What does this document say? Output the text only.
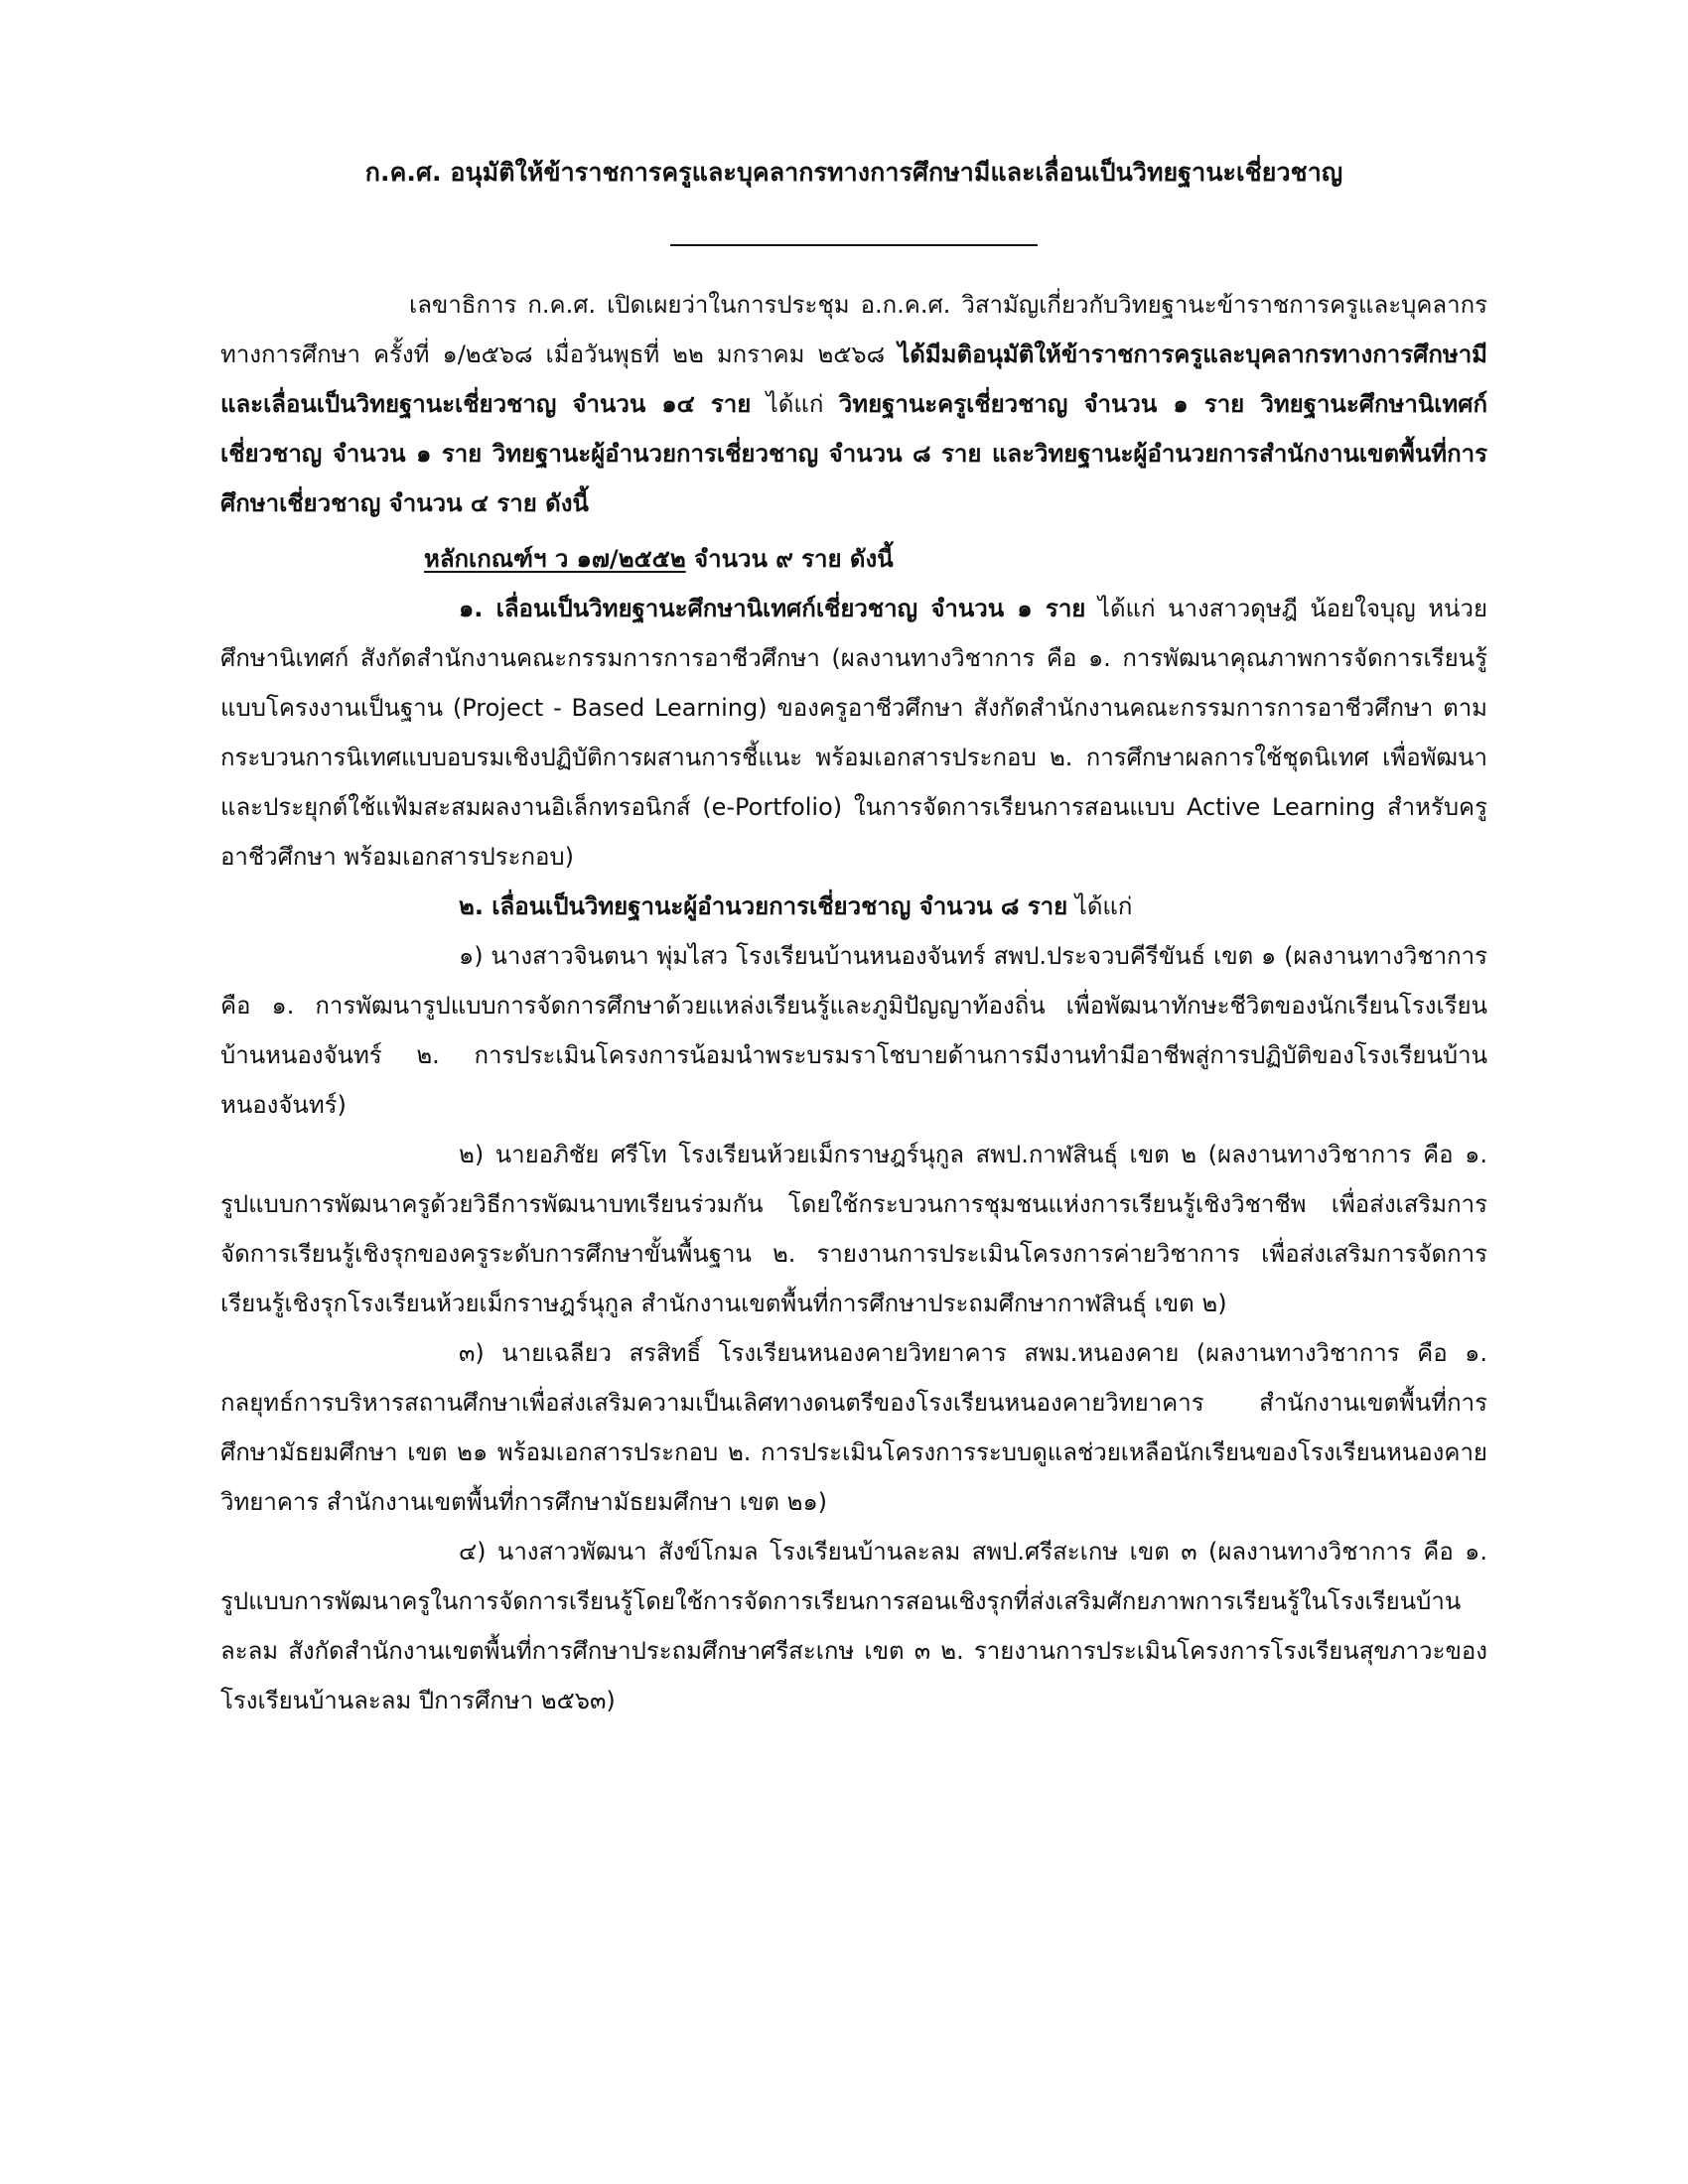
ก.ค.ศ. อนุมัติให้ข้าราชการครูและบุคลากรทางการศึกษามีและเลื่อนเป็นวิทยฐานะเชี่ยวชาญ

เลขาธิการ ก.ค.ศ. เปิดเผยว่าในการประชุม อ.ก.ค.ศ. วิสามัญเกี่ยวกับวิทยฐานะข้าราชการครูและบุคลากรทางการศึกษา ครั้งที่ ๑/๒๕๖๘ เมื่อวันพุธที่ ๒๒ มกราคม ๒๕๖๘ ได้มีมติอนุมัติให้ข้าราชการครูและบุคลากรทางการศึกษามีและเลื่อนเป็นวิทยฐานะเชี่ยวชาญ จำนวน ๑๔ ราย ได้แก่ วิทยฐานะครูเชี่ยวชาญ จำนวน ๑ ราย วิทยฐานะศึกษานิเทศก์เชี่ยวชาญ จำนวน ๑ ราย วิทยฐานะผู้อำนวยการเชี่ยวชาญ จำนวน ๘ ราย และวิทยฐานะผู้อำนวยการสำนักงานเขตพื้นที่การศึกษาเชี่ยวชาญ จำนวน ๔ ราย ดังนี้

หลักเกณฑ์ฯ ว ๑๗/๒๕๕๒ จำนวน ๙ ราย ดังนี้

๑. เลื่อนเป็นวิทยฐานะศึกษานิเทศก์เชี่ยวชาญ จำนวน ๑ ราย ได้แก่ นางสาวดุษฎี น้อยใจบุญ หน่วยศึกษานิเทศก์ สังกัดสำนักงานคณะกรรมการการอาชีวศึกษา (ผลงานทางวิชาการ คือ ๑. การพัฒนาคุณภาพการจัดการเรียนรู้แบบโครงงานเป็นฐาน (Project - Based Learning) ของครูอาชีวศึกษา สังกัดสำนักงานคณะกรรมการการอาชีวศึกษา ตามกระบวนการนิเทศแบบอบรมเชิงปฏิบัติการผสานการชี้แนะ พร้อมเอกสารประกอบ ๒. การศึกษาผลการใช้ชุดนิเทศ เพื่อพัฒนาและประยุกต์ใช้แฟ้มสะสมผลงานอิเล็กทรอนิกส์ (e-Portfolio) ในการจัดการเรียนการสอนแบบ Active Learning สำหรับครูอาชีวศึกษา พร้อมเอกสารประกอบ)

๒. เลื่อนเป็นวิทยฐานะผู้อำนวยการเชี่ยวชาญ จำนวน ๘ ราย ได้แก่

๑) นางสาวจินตนา พุ่มไสว โรงเรียนบ้านหนองจันทร์ สพป.ประจวบคีรีขันธ์ เขต ๑ (ผลงานทางวิชาการ คือ ๑. การพัฒนารูปแบบการจัดการศึกษาด้วยแหล่งเรียนรู้และภูมิปัญญาท้องถิ่น เพื่อพัฒนาทักษะชีวิตของนักเรียนโรงเรียนบ้านหนองจันทร์ ๒. การประเมินโครงการน้อมนำพระบรมราโชบายด้านการมีงานทำมีอาชีพสู่การปฏิบัติของโรงเรียนบ้านหนองจันทร์)

๒) นายอภิชัย ศรีโท โรงเรียนห้วยเม็กราษฎร์นุกูล สพป.กาฬสินธุ์ เขต ๒ (ผลงานทางวิชาการ คือ ๑. รูปแบบการพัฒนาครูด้วยวิธีการพัฒนาบทเรียนร่วมกัน โดยใช้กระบวนการชุมชนแห่งการเรียนรู้เชิงวิชาชีพ เพื่อส่งเสริมการจัดการเรียนรู้เชิงรุกของครูระดับการศึกษาขั้นพื้นฐาน ๒. รายงานการประเมินโครงการค่ายวิชาการ เพื่อส่งเสริมการจัดการเรียนรู้เชิงรุกโรงเรียนห้วยเม็กราษฎร์นุกูล สำนักงานเขตพื้นที่การศึกษาประถมศึกษากาฬสินธุ์ เขต ๒)

๓) นายเฉลียว สรสิทธิ์ โรงเรียนหนองคายวิทยาคาร สพม.หนองคาย (ผลงานทางวิชาการ คือ ๑. กลยุทธ์การบริหารสถานศึกษาเพื่อส่งเสริมความเป็นเลิศทางดนตรีของโรงเรียนหนองคายวิทยาคาร สำนักงานเขตพื้นที่การศึกษามัธยมศึกษา เขต ๒๑ พร้อมเอกสารประกอบ ๒. การประเมินโครงการระบบดูแลช่วยเหลือนักเรียนของโรงเรียนหนองคายวิทยาคาร สำนักงานเขตพื้นที่การศึกษามัธยมศึกษา เขต ๒๑)

๔) นางสาวพัฒนา สังข์โกมล โรงเรียนบ้านละลม สพป.ศรีสะเกษ เขต ๓ (ผลงานทางวิชาการ คือ ๑. รูปแบบการพัฒนาครูในการจัดการเรียนรู้โดยใช้การจัดการเรียนการสอนเชิงรุกที่ส่งเสริมศักยภาพการเรียนรู้ในโรงเรียนบ้านละลม สังกัดสำนักงานเขตพื้นที่การศึกษาประถมศึกษาศรีสะเกษ เขต ๓ ๒. รายงานการประเมินโครงการโรงเรียนสุขภาวะของโรงเรียนบ้านละลม ปีการศึกษา ๒๕๖๓)
